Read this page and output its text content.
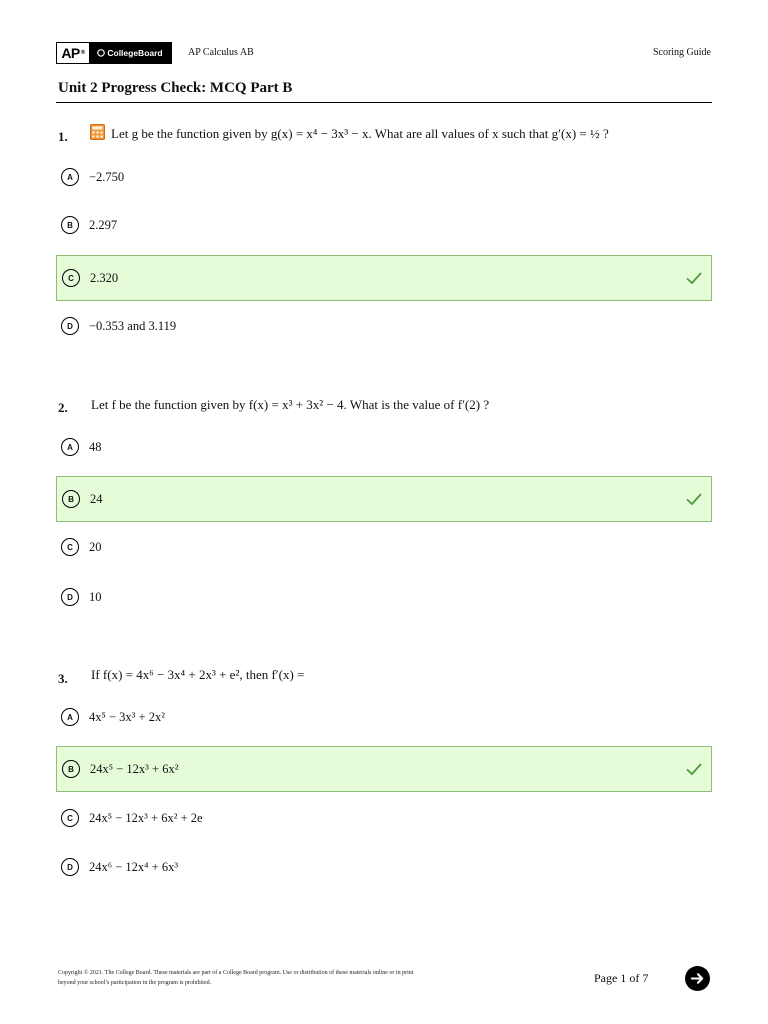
AP ®	CollegeBoard	AP Calculus AB	Scoring Guide
Unit 2 Progress Check: MCQ Part B
1.	Let g be the function given by g(x) = x⁴ − 3x³ − x. What are all values of x such that g′(x) = ½ ?
A	−2.750
B	2.297
C	2.320
D	−0.353 and 3.119
2. Let f be the function given by f(x) = x³ + 3x² − 4. What is the value of f′(2) ?
A	48
B	24
C	20
D	10
3. If f(x) = 4x⁶ − 3x⁴ + 2x³ + e², then f′(x) =
A	4x⁵ − 3x³ + 2x²
B	24x⁵ − 12x³ + 6x²
C	24x⁵ − 12x³ + 6x² + 2e
D	24x⁶ − 12x⁴ + 6x³
Copyright © 2021. The College Board. These materials are part of a College Board program. Use or distribution of these materials online or in print
beyond your school’s participation in the program is prohibited.	Page 1 of 7
